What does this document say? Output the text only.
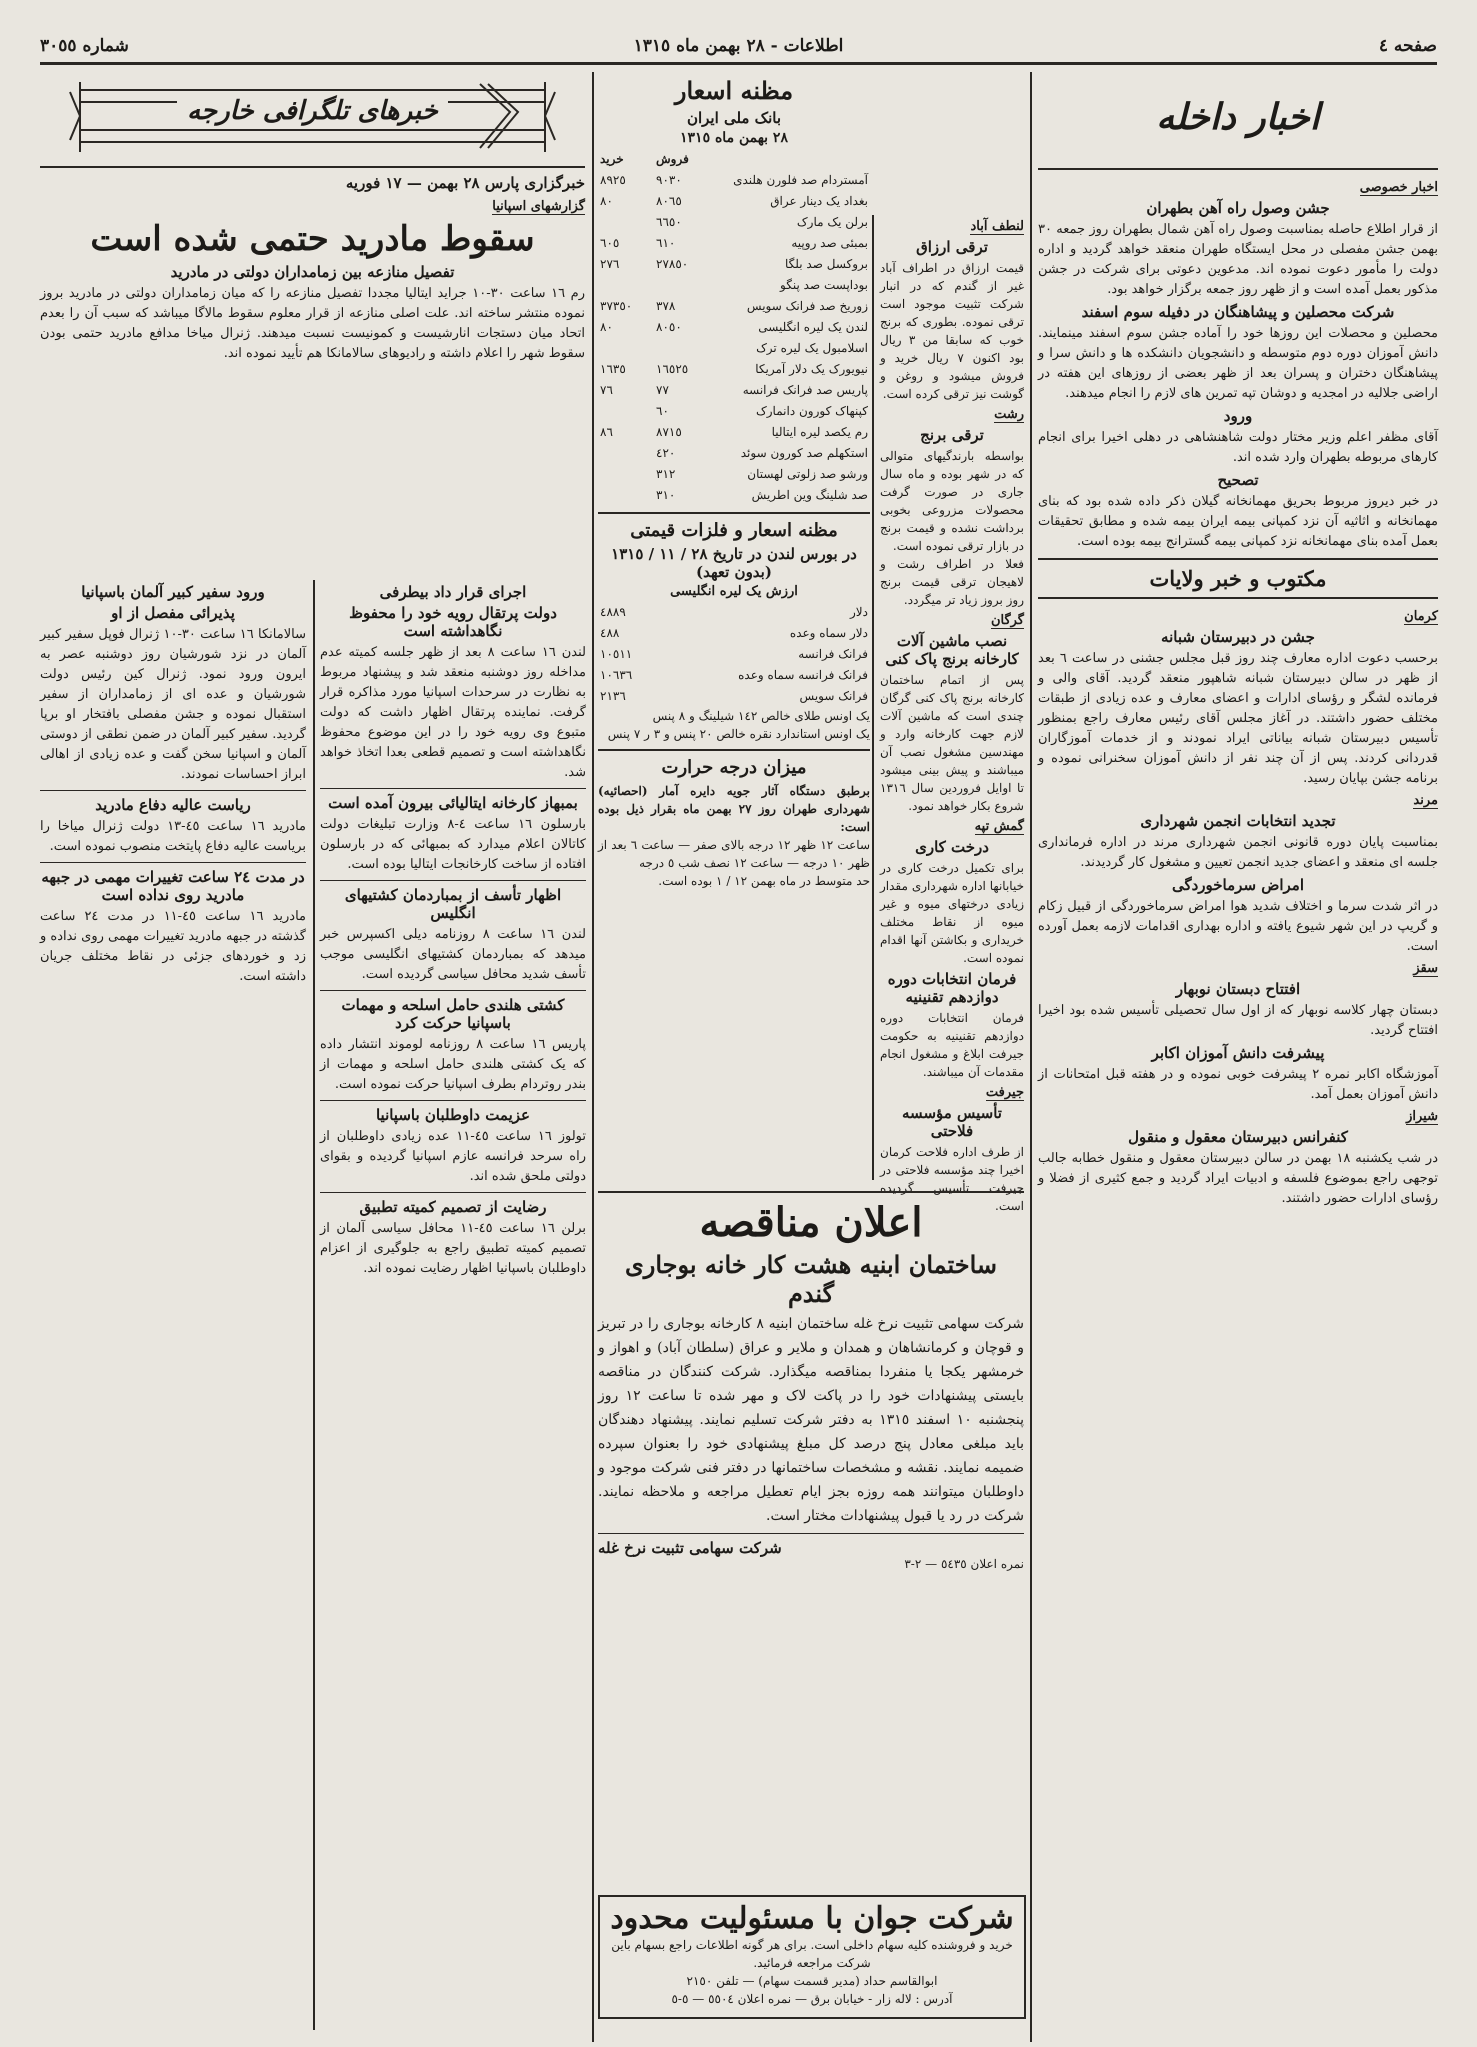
صفحه ٤
اطلاعات - ٢٨ بهمن ماه ١٣١٥
شماره ٣٠٥٥
اخبار داخله
اخبار خصوصی
جشن وصول راه آهن بطهران

از قرار اطلاع حاصله بمناسبت وصول راه آهن شمال بطهران روز جمعه ٣٠ بهمن جشن مفصلی در محل ایستگاه طهران منعقد خواهد گردید و اداره دولت را مأمور دعوت نموده اند. مدعوین دعوتی برای شرکت در جشن مذکور بعمل آمده است و از ظهر روز جمعه برگزار خواهد بود.

شرکت محصلین و پیشاهنگان در دفیله سوم اسفند

محصلین و محصلات این روزها خود را آماده جشن سوم اسفند مینمایند. دانش آموزان دوره دوم متوسطه و دانشجویان دانشکده ها و دانش سرا و پیشاهنگان دختران و پسران بعد از ظهر بعضی از روزهای این هفته در اراضی جلالیه در امجدیه و دوشان تپه تمرین های لازم را انجام میدهند.

ورود

آقای مظفر اعلم وزیر مختار دولت شاهنشاهی در دهلی اخیرا برای انجام کارهای مربوطه بطهران وارد شده اند.

تصحیح

در خبر دیروز مربوط بحریق مهمانخانه گیلان ذکر داده شده بود که بنای مهمانخانه و اثاثیه آن نزد کمپانی بیمه ایران بیمه شده و مطابق تحقیقات بعمل آمده بنای مهمانخانه نزد کمپانی بیمه گسترانج بیمه بوده است.

مکتوب و خبر ولایات
کرمان
جشن در دبیرستان شبانه

برحسب دعوت اداره معارف چند روز قبل مجلس جشنی در ساعت ٦ بعد از ظهر در سالن دبیرستان شبانه شاهپور منعقد گردید. آقای والی و فرمانده لشگر و رؤسای ادارات و اعضای معارف و عده زیادی از طبقات مختلف حضور داشتند. در آغاز مجلس آقای رئیس معارف راجع بمنظور تأسیس دبیرستان شبانه بیاناتی ایراد نمودند و از خدمات آموزگاران قدردانی کردند. پس از آن چند نفر از دانش آموزان سخنرانی نموده و برنامه جشن بپایان رسید.

مرند
تجدید انتخابات انجمن شهرداری

بمناسبت پایان دوره قانونی انجمن شهرداری مرند در اداره فرمانداری جلسه ای منعقد و اعضای جدید انجمن تعیین و مشغول کار گردیدند.

امراض سرماخوردگی

در اثر شدت سرما و اختلاف شدید هوا امراض سرماخوردگی از قبیل زکام و گریپ در این شهر شیوع یافته و اداره بهداری اقدامات لازمه بعمل آورده است.

سقز
افتتاح دبستان نوبهار

دبستان چهار کلاسه نوبهار که از اول سال تحصیلی تأسیس شده بود اخیرا افتتاح گردید.

پیشرفت دانش آموزان اکابر

آموزشگاه اکابر نمره ٢ پیشرفت خوبی نموده و در هفته قبل امتحانات از دانش آموزان بعمل آمد.

شیراز
کنفرانس دبیرستان معقول و منقول

در شب یکشنبه ١٨ بهمن در سالن دبیرستان معقول و منقول خطابه جالب توجهی راجع بموضوع فلسفه و ادبیات ایراد گردید و جمع کثیری از فضلا و رؤسای ادارات حضور داشتند.

لنطف آباد
ترقی ارزاق

قیمت ارزاق در اطراف آباد غیر از گندم که در انبار شرکت تثبیت موجود است ترقی نموده. بطوری که برنج خوب که سابقا من ٣ ریال بود اکنون ٧ ریال خرید و فروش میشود و روغن و گوشت نیز ترقی کرده است.

رشت
ترقی برنج

بواسطه بارندگیهای متوالی که در شهر بوده و ماه سال جاری در صورت گرفت محصولات مزروعی بخوبی برداشت نشده و قیمت برنج در بازار ترقی نموده است.

فعلا در اطراف رشت و لاهیجان ترقی قیمت برنج روز بروز زیاد تر میگردد.

گرگان
نصب ماشین آلات کارخانه برنج پاک کنی

پس از اتمام ساختمان کارخانه برنج پاک کنی گرگان چندی است که ماشین آلات لازم جهت کارخانه وارد و مهندسین مشغول نصب آن میباشند و پیش بینی میشود تا اوایل فروردین سال ١٣١٦ شروع بکار خواهد نمود.

گمش تپه
درخت کاری

برای تکمیل درخت کاری در خیابانها اداره شهرداری مقدار زیادی درختهای میوه و غیر میوه از نقاط مختلف خریداری و بکاشتن آنها اقدام نموده است.

فرمان انتخابات دوره دوازدهم تقنینیه

فرمان انتخابات دوره دوازدهم تقنینیه به حکومت جیرفت ابلاغ و مشغول انجام مقدمات آن میباشند.

جیرفت
تأسیس مؤسسه فلاحتی

از طرف اداره فلاحت کرمان اخیرا چند مؤسسه فلاحتی در جیرفت تأسیس گردیده است.

مظنه اسعار
بانک ملی ایران
٢٨ بهمن ماه ١٣١٥
	فروش	خرید
آمستردام صد فلورن هلندی	٩٠٣٠	٨٩٢٥
بغداد یک دینار عراق	٨٠٦٥	٨٠
برلن یک مارک	٦٦٥٠	
بمبئی صد روپیه	٦١٠	٦٠٥
بروکسل صد بلگا	٢٧٨٥٠	٢٧٦
بوداپست صد پنگو		
زوریخ صد فرانک سویس	٣٧٨	٣٧٣٥٠
لندن یک لیره انگلیسی	٨٠٥٠	٨٠
اسلامبول یک لیره ترک		
نیویورک یک دلار آمریکا	١٦٥٢٥	١٦٣٥
پاریس صد فرانک فرانسه	٧٧	٧٦
کپنهاک کورون دانمارک	٦٠	
رم یکصد لیره ایتالیا	٨٧١٥	٨٦
استکهلم صد کورون سوئد	٤٢٠	
ورشو صد زلوتی لهستان	٣١٢	
صد شلینگ وین اطریش	٣١٠	
مظنه اسعار و فلزات قیمتی
در بورس لندن در تاریخ ٢٨ / ١١ / ١٣١٥ (بدون تعهد)
ارزش یک لیره انگلیسی
دلار	٤٨٨٩
دلار سماه وعده	٤٨٨
فرانک فرانسه	١٠٥١١
فرانک فرانسه سماه وعده	١٠٦٣٦
فرانک سویس	٢١٣٦

یک اونس طلای خالص ١٤٢ شیلینگ و ٨ پنس

یک اونس استاندارد نقره خالص ٢٠ پنس و ٣ ر ٧ پنس

میزان درجه حرارت

برطبق دستگاه آثار جویه دایره آمار (احصائیه) شهرداری طهران روز ٢٧ بهمن ماه بقرار ذیل بوده است:

ساعت ١٢ ظهر ١٢ درجه بالای صفر — ساعت ٦ بعد از ظهر ١٠ درجه — ساعت ١٢ نصف شب ٥ درجه

حد متوسط در ماه بهمن ١٢ / ١ بوده است.

اعلان مناقصه
ساختمان ابنیه هشت کار خانه بوجاری گندم

شرکت سهامی تثبیت نرخ غله ساختمان ابنیه ٨ کارخانه بوجاری را در تبریز و قوچان و کرمانشاهان و همدان و ملایر و عراق (سلطان آباد) و اهواز و خرمشهر یکجا یا منفردا بمناقصه میگذارد. شرکت کنندگان در مناقصه بایستی پیشنهادات خود را در پاکت لاک و مهر شده تا ساعت ١٢ روز پنجشنبه ١٠ اسفند ١٣١٥ به دفتر شرکت تسلیم نمایند. پیشنهاد دهندگان باید مبلغی معادل پنج درصد کل مبلغ پیشنهادی خود را بعنوان سپرده ضمیمه نمایند. نقشه و مشخصات ساختمانها در دفتر فنی شرکت موجود و داوطلبان میتوانند همه روزه بجز ایام تعطیل مراجعه و ملاحظه نمایند. شرکت در رد یا قبول پیشنهادات مختار است.

شرکت سهامی تثبیت نرخ غله
نمره اعلان ٥٤٣٥ — ٢-٣
شرکت جوان با مسئولیت محدود

خرید و فروشنده کلیه سهام داخلی است. برای هر گونه اطلاعات راجع بسهام باین شرکت مراجعه فرمائید.

ابوالقاسم حداد (مدیر قسمت سهام) — تلفن ٢١٥٠
آدرس : لاله زار - خیابان برق — نمره اعلان ٥٥٠٤ — ٥-٥
خبرهای تلگرافی خارجه
خبرگزاری پارس ٢٨ بهمن — ١٧ فوریه
گزارشهای اسپانیا
سقوط مادرید حتمی شده است
تفصیل منازعه بین زمامداران دولتی در مادرید

رم ١٦ ساعت ٣٠-١٠ جراید ایتالیا مجددا تفصیل منازعه را که میان زمامداران دولتی در مادرید بروز نموده منتشر ساخته اند. علت اصلی منازعه از قرار معلوم سقوط مالاگا میباشد که سبب آن را بعدم اتحاد میان دستجات انارشیست و کمونیست نسبت میدهند. ژنرال میاخا مدافع مادرید حتمی بودن سقوط شهر را اعلام داشته و رادیوهای سالامانکا هم تأیید نموده اند.

اجرای قرار داد بیطرفی
دولت پرتقال رویه خود را محفوظ نگاهداشته است

لندن ١٦ ساعت ٨ بعد از ظهر جلسه کمیته عدم مداخله روز دوشنبه منعقد شد و پیشنهاد مربوط به نظارت در سرحدات اسپانیا مورد مذاکره قرار گرفت. نماینده پرتقال اظهار داشت که دولت متبوع وی رویه خود را در این موضوع محفوظ نگاهداشته است و تصمیم قطعی بعدا اتخاذ خواهد شد.

بمبهاز کارخانه ایتالیائی بیرون آمده است

بارسلون ١٦ ساعت ٤-٨ وزارت تبلیغات دولت کاتالان اعلام میدارد که بمبهائی که در بارسلون افتاده از ساخت کارخانجات ایتالیا بوده است.

اظهار تأسف از بمباردمان کشتیهای انگلیس

لندن ١٦ ساعت ٨ روزنامه دیلی اکسپرس خبر میدهد که بمباردمان کشتیهای انگلیسی موجب تأسف شدید محافل سیاسی گردیده است.

کشتی هلندی حامل اسلحه و مهمات باسپانیا حرکت کرد

پاریس ١٦ ساعت ٨ روزنامه لوموند انتشار داده که یک کشتی هلندی حامل اسلحه و مهمات از بندر روتردام بطرف اسپانیا حرکت نموده است.

عزیمت داوطلبان باسپانیا

تولوز ١٦ ساعت ٤٥-١١ عده زیادی داوطلبان از راه سرحد فرانسه عازم اسپانیا گردیده و بقوای دولتی ملحق شده اند.

رضایت از تصمیم کمیته تطبیق

برلن ١٦ ساعت ٤٥-١١ محافل سیاسی آلمان از تصمیم کمیته تطبیق راجع به جلوگیری از اعزام داوطلبان باسپانیا اظهار رضایت نموده اند.

ورود سفیر کبیر آلمان باسپانیا
پذیرائی مفصل از او

سالامانکا ١٦ ساعت ٣٠-١٠ ژنرال فوپل سفیر کبیر آلمان در نزد شورشیان روز دوشنبه عصر به ایرون ورود نمود. ژنرال کین رئیس دولت شورشیان و عده ای از زمامداران از سفیر استقبال نموده و جشن مفصلی بافتخار او برپا گردید. سفیر کبیر آلمان در ضمن نطقی از دوستی آلمان و اسپانیا سخن گفت و عده زیادی از اهالی ابراز احساسات نمودند.

ریاست عالیه دفاع مادرید

مادرید ١٦ ساعت ٤٥-١٣ دولت ژنرال میاخا را بریاست عالیه دفاع پایتخت منصوب نموده است.

در مدت ٢٤ ساعت تغییرات مهمی در جبهه مادرید روی نداده است

مادرید ١٦ ساعت ٤٥-١١ در مدت ٢٤ ساعت گذشته در جبهه مادرید تغییرات مهمی روی نداده و زد و خوردهای جزئی در نقاط مختلف جریان داشته است.
